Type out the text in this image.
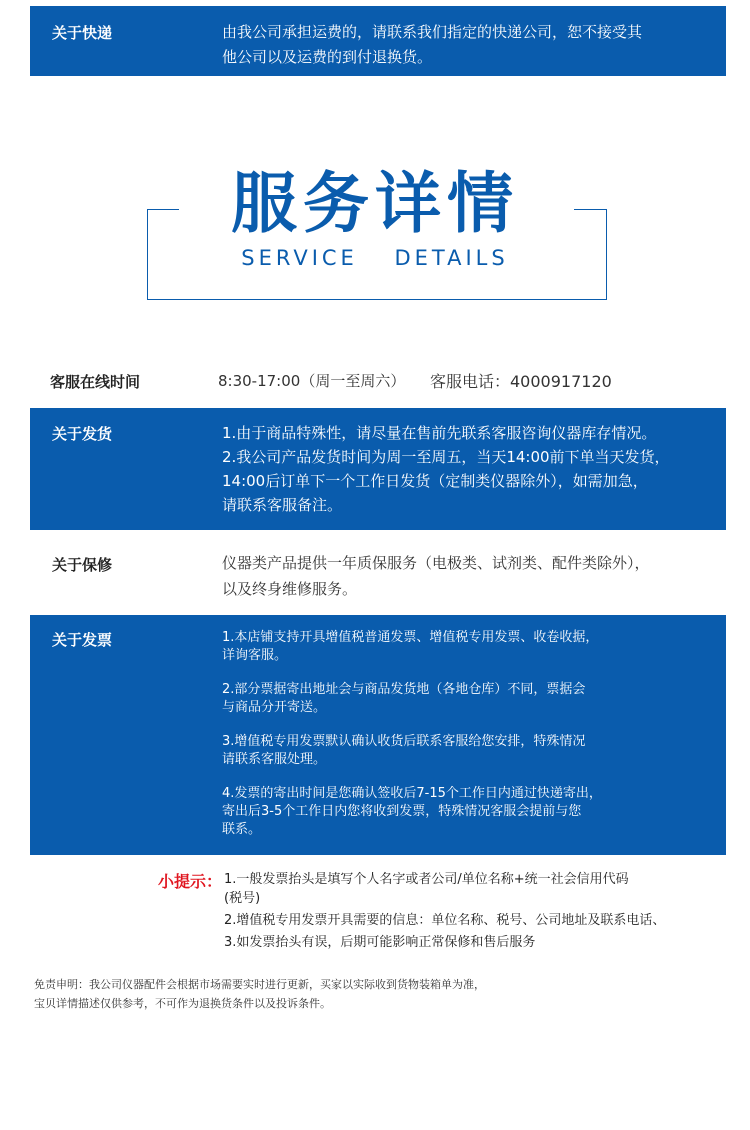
关于快递	由我公司承担运费的，请联系我们指定的快递公司，恕不接受其
他公司以及运费的到付退换货。
服务详情
SERVICE DETAILS
客服在线时间	8:30-17:00（周一至周六） 客服电话：4000917120
关于发货	1.由于商品特殊性，请尽量在售前先联系客服咨询仪器库存情况。
2.我公司产品发货时间为周一至周五，当天14:00前下单当天发货，
14:00后订单下一个工作日发货（定制类仪器除外），如需加急，
请联系客服备注。
关于保修	仪器类产品提供一年质保服务（电极类、试剂类、配件类除外），
以及终身维修服务。
关于发票	1.本店铺支持开具增值税普通发票、增值税专用发票、收卷收据，
详询客服。
2.部分票据寄出地址会与商品发货地（各地仓库）不同，票据会
与商品分开寄送。
3.增值税专用发票默认确认收货后联系客服给您安排，特殊情况
请联系客服处理。
4.发票的寄出时间是您确认签收后7-15个工作日内通过快递寄出，
寄出后3-5个工作日内您将收到发票，特殊情况客服会提前与您
联系。
小提示： 1.一般发票抬头是填写个人名字或者公司/单位名称+统一社会信用代码
(税号)
2.增值税专用发票开具需要的信息：单位名称、税号、公司地址及联系电话、
3.如发票抬头有误，后期可能影响正常保修和售后服务
免责申明：我公司仪器配件会根据市场需要实时进行更新，买家以实际收到货物装箱单为准，
宝贝详情描述仅供参考，不可作为退换货条件以及投诉条件。
